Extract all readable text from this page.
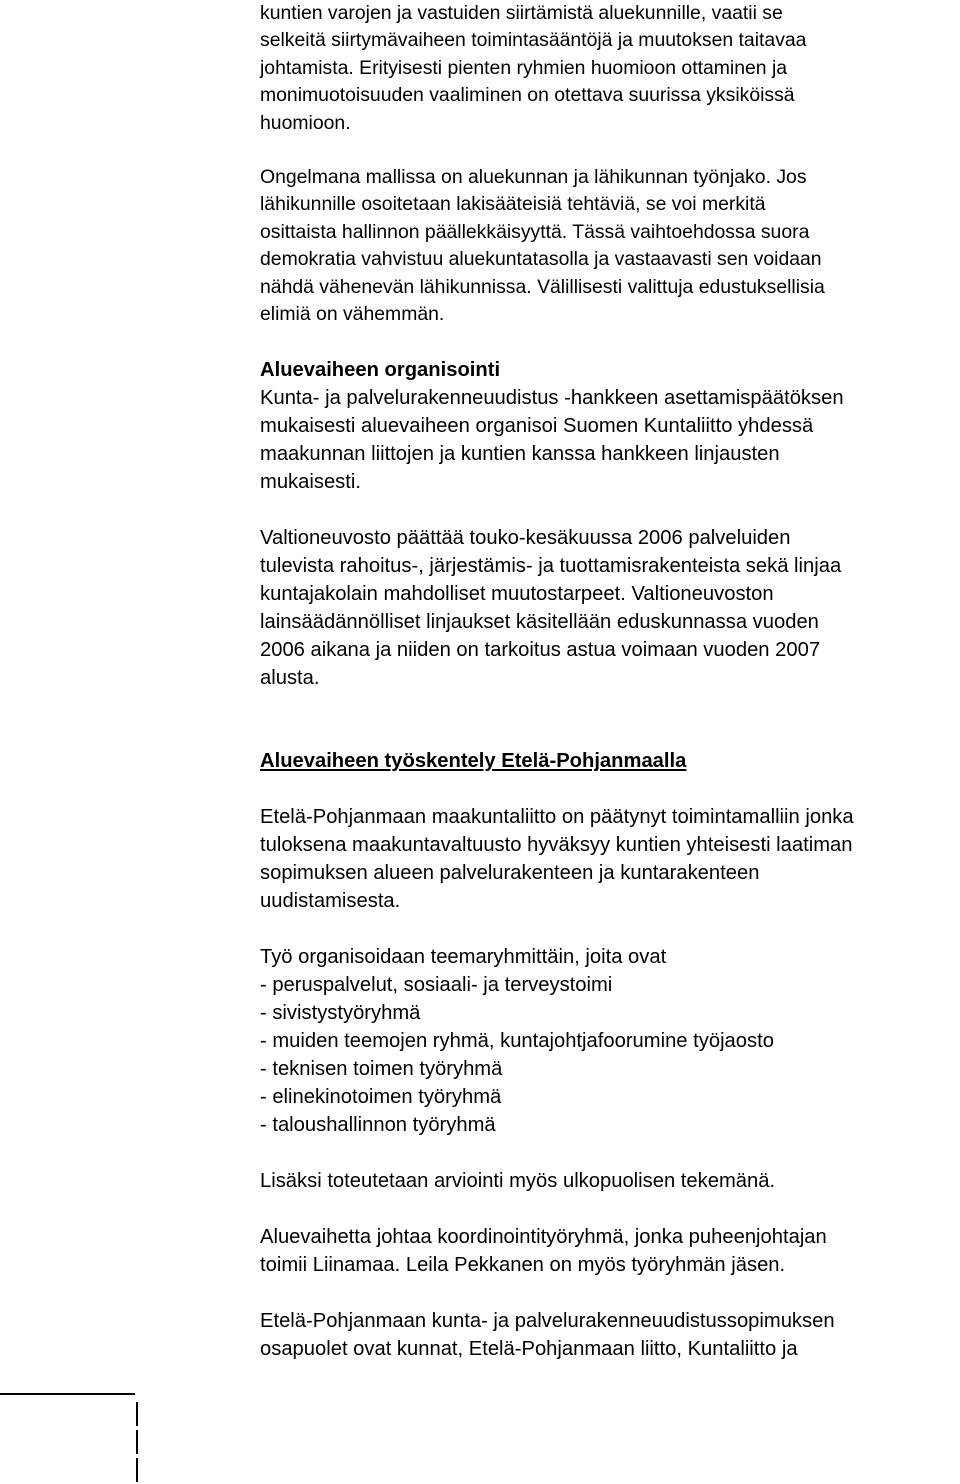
kuntien varojen ja vastuiden siirtämistä aluekunnille, vaatii se
selkeitä siirtymävaiheen toimintasääntöjä ja muutoksen taitavaa
johtamista. Erityisesti pienten ryhmien huomioon ottaminen ja
monimuotoisuuden vaaliminen on otettava suurissa yksiköissä
huomioon.

Ongelmana mallissa on aluekunnan ja lähikunnan työnjako. Jos
lähikunnille osoitetaan lakisääteisiä tehtäviä, se voi merkitä
osittaista hallinnon päällekkäisyyttä. Tässä vaihtoehdossa suora
demokratia vahvistuu aluekuntatasolla ja vastaavasti sen voidaan
nähdä vähenevän lähikunnissa. Välillisesti valittuja edustuksellisia
elimiä on vähemmän.

Aluevaiheen organisointi

Kunta- ja palvelurakenneuudistus -hankkeen asettamispäätöksen
mukaisesti aluevaiheen organisoi Suomen Kuntaliitto yhdessä
maakunnan liittojen ja kuntien kanssa hankkeen linjausten
mukaisesti.

Valtioneuvosto päättää touko-kesäkuussa 2006 palveluiden
tulevista rahoitus-, järjestämis- ja tuottamisrakenteista sekä linjaa
kuntajakolain mahdolliset muutostarpeet. Valtioneuvoston
lainsäädännölliset linjaukset käsitellään eduskunnassa vuoden
2006 aikana ja niiden on tarkoitus astua voimaan vuoden 2007
alusta.

Aluevaiheen työskentely Etelä-Pohjanmaalla

Etelä-Pohjanmaan maakuntaliitto on päätynyt toimintamalliin jonka
tuloksena maakuntavaltuusto hyväksyy kuntien yhteisesti laatiman
sopimuksen alueen palvelurakenteen ja kuntarakenteen
uudistamisesta.

Työ organisoidaan teemaryhmittäin, joita ovat
- peruspalvelut, sosiaali- ja terveystoimi
- sivistystyöryhmä
- muiden teemojen ryhmä, kuntajohtjafoorumine työjaosto
- teknisen toimen työryhmä
- elinekinotoimen työryhmä
- taloushallinnon työryhmä

Lisäksi toteutetaan arviointi myös ulkopuolisen tekemänä.

Aluevaihetta johtaa koordinointityöryhmä, jonka puheenjohtajan
toimii Liinamaa. Leila Pekkanen on myös työryhmän jäsen.

Etelä-Pohjanmaan kunta- ja palvelurakenneuudistussopimuksen
osapuolet ovat kunnat, Etelä-Pohjanmaan liitto, Kuntaliitto ja
